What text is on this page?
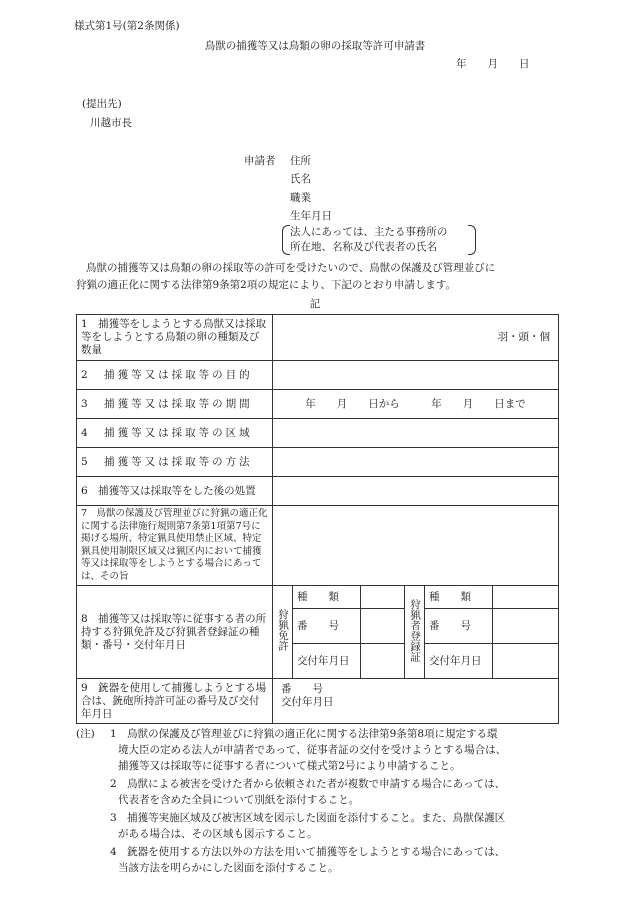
様式第1号(第2条関係)
鳥獣の捕獲等又は鳥類の卵の採取等許可申請書
年　　月　　日
(提出先)
川越市長
申請者 住所
氏名
職業
生年月日
法人にあっては、主たる事務所の
所在地、名称及び代表者の氏名
鳥獣の捕獲等又は鳥類の卵の採取等の許可を受けたいので、鳥獣の保護及び管理並びに
狩猟の適正化に関する法律第9条第2項の規定により、下記のとおり申請します。
記
1　捕獲等をしようとする鳥獣又は採取等をしようとする鳥類の卵の種類及び数量	羽・頭・個					
2　捕獲等又は採取等の目的						
3　捕獲等又は採取等の期間	年　　月　　日から　　　年　　月　　日まで					
4　捕獲等又は採取等の区域						
5　捕獲等又は採取等の方法						
6　捕獲等又は採取等をした後の処置						
7　鳥獣の保護及び管理並びに狩猟の適正化に関する法律施行規則第7条第1項第7号に掲げる場所、特定猟具使用禁止区域、特定猟具使用制限区域又は猟区内において捕獲等又は採取等をしようとする場合にあっては、その旨						
8　捕獲等又は採取等に従事する者の所持する狩猟免許及び狩猟者登録証の種類・番号・交付年月日	狩猟免許	種　　類		狩猟者登録証	種　　類	
		番　　号			番　　号	
		交付年月日			交付年月日	
9　銃器を使用して捕獲しようとする場合は、銃砲所持許可証の番号及び交付年月日	番　　号
交付年月日					
(注) 1　鳥獣の保護及び管理並びに狩猟の適正化に関する法律第9条第8項に規定する環
境大臣の定める法人が申請者であって、従事者証の交付を受けようとする場合は、
捕獲等又は採取等に従事する者について様式第2号により申請すること。
2　鳥獣による被害を受けた者から依頼された者が複数で申請する場合にあっては、
代表者を含めた全員について別紙を添付すること。
3　捕獲等実施区域及び被害区域を図示した図面を添付すること。また、鳥獣保護区
がある場合は、その区域も図示すること。
4　銃器を使用する方法以外の方法を用いて捕獲等をしようとする場合にあっては、
当該方法を明らかにした図面を添付すること。
